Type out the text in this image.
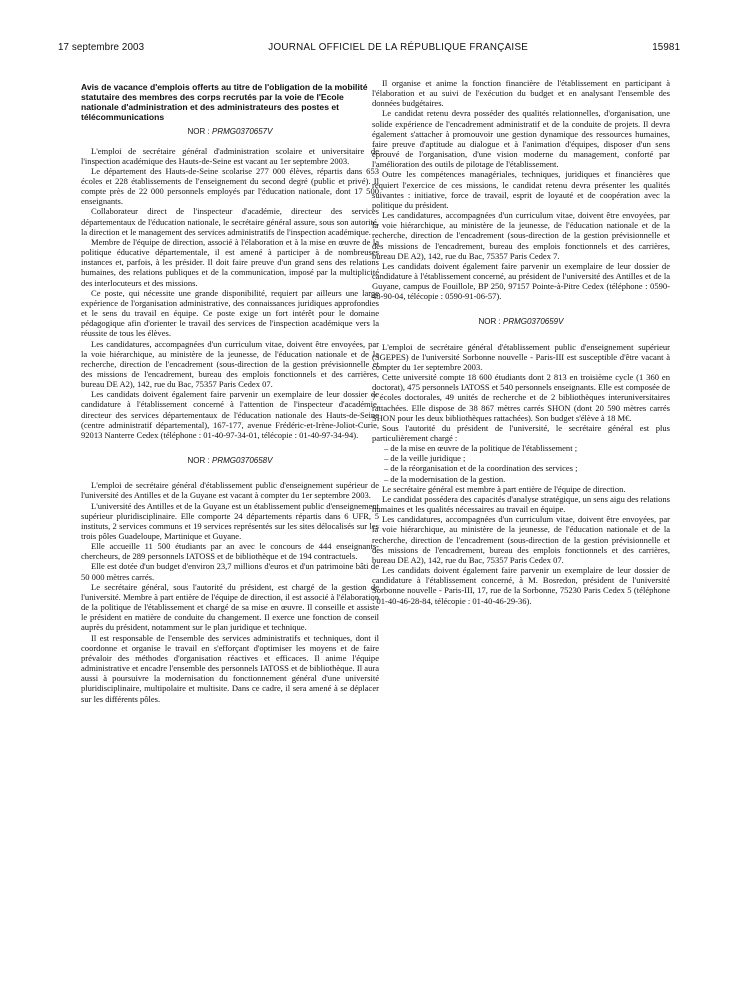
17 septembre 2003	JOURNAL OFFICIEL DE LA RÉPUBLIQUE FRANÇAISE	15981
Avis de vacance d'emplois offerts au titre de l'obligation de la mobilité statutaire des membres des corps recrutés par la voie de l'Ecole nationale d'administration et des administrateurs des postes et télécommunications
NOR : PRMG0370657V

L'emploi de secrétaire général d'administration scolaire et universitaire de l'inspection académique des Hauts-de-Seine est vacant au 1er septembre 2003.

Le département des Hauts-de-Seine scolarise 277 000 élèves, répartis dans 653 écoles et 228 établissements de l'enseignement du second degré (public et privé). Il compte près de 22 000 personnels employés par l'éducation nationale, dont 17 500 enseignants.

Collaborateur direct de l'inspecteur d'académie, directeur des services départementaux de l'éducation nationale, le secrétaire général assure, sous son autorité, la direction et le management des services administratifs de l'inspection académique.

Membre de l'équipe de direction, associé à l'élaboration et à la mise en œuvre de la politique éducative départementale, il est amené à participer à de nombreuses instances et, parfois, à les présider. Il doit faire preuve d'un grand sens des relations humaines, des relations publiques et de la communication, imposé par la multiplicité des interlocuteurs et des missions.

Ce poste, qui nécessite une grande disponibilité, requiert par ailleurs une large expérience de l'organisation administrative, des connaissances juridiques approfondies et le sens du travail en équipe. Ce poste exige un fort intérêt pour le domaine pédagogique afin d'orienter le travail des services de l'inspection académique vers la réussite de tous les élèves.

Les candidatures, accompagnées d'un curriculum vitae, doivent être envoyées, par la voie hiérarchique, au ministère de la jeunesse, de l'éducation nationale et de la recherche, direction de l'encadrement (sous-direction de la gestion prévisionnelle et des missions de l'encadrement, bureau des emplois fonctionnels et des carrières, bureau DE A2), 142, rue du Bac, 75357 Paris Cedex 07.

Les candidats doivent également faire parvenir un exemplaire de leur dossier de candidature à l'établissement concerné à l'attention de l'inspecteur d'académie, directeur des services départementaux de l'éducation nationale des Hauts-de-Seine (centre administratif départemental), 167-177, avenue Frédéric-et-Irène-Joliot-Curie, 92013 Nanterre Cedex (téléphone : 01-40-97-34-01, télécopie : 01-40-97-34-94).

NOR : PRMG0370658V

L'emploi de secrétaire général d'établissement public d'enseignement supérieur de l'université des Antilles et de la Guyane est vacant à compter du 1er septembre 2003.

L'université des Antilles et de la Guyane est un établissement public d'enseignement supérieur pluridisciplinaire. Elle comporte 24 départements répartis dans 6 UFR, 5 instituts, 2 services communs et 19 services représentés sur les sites délocalisés sur les trois pôles Guadeloupe, Martinique et Guyane.

Elle accueille 11 500 étudiants par an avec le concours de 444 enseignants-chercheurs, de 289 personnels IATOSS et de bibliothèque et de 194 contractuels.

Elle est dotée d'un budget d'environ 23,7 millions d'euros et d'un patrimoine bâti de 50 000 mètres carrés.

Le secrétaire général, sous l'autorité du président, est chargé de la gestion de l'université. Membre à part entière de l'équipe de direction, il est associé à l'élaboration de la politique de l'établissement et chargé de sa mise en œuvre. Il conseille et assiste le président en matière de conduite du changement. Il exerce une fonction de conseil auprès du président, notamment sur le plan juridique et technique.

Il est responsable de l'ensemble des services administratifs et techniques, dont il coordonne et organise le travail en s'efforçant d'optimiser les moyens et de faire prévaloir des méthodes d'organisation réactives et efficaces. Il anime l'équipe administrative et encadre l'ensemble des personnels IATOSS et de bibliothèque. Il aura aussi à poursuivre la modernisation du fonctionnement général d'une université pluridisciplinaire, multipolaire et multisite. Dans ce cadre, il sera amené à se déplacer sur les différents pôles.

Il organise et anime la fonction financière de l'établissement en participant à l'élaboration et au suivi de l'exécution du budget et en analysant l'ensemble des données budgétaires.

Le candidat retenu devra posséder des qualités relationnelles, d'organisation, une solide expérience de l'encadrement administratif et de la conduite de projets. Il devra également s'attacher à promouvoir une gestion dynamique des ressources humaines, faire preuve d'aptitude au dialogue et à l'animation d'équipes, disposer d'un sens éprouvé de l'organisation, d'une vision moderne du management, conforté par l'amélioration des outils de pilotage de l'établissement.

Outre les compétences managériales, techniques, juridiques et financières que requiert l'exercice de ces missions, le candidat retenu devra présenter les qualités suivantes : initiative, force de travail, esprit de loyauté et de coopération avec la politique du président.

Les candidatures, accompagnées d'un curriculum vitae, doivent être envoyées, par la voie hiérarchique, au ministère de la jeunesse, de l'éducation nationale et de la recherche, direction de l'encadrement (sous-direction de la gestion prévisionnelle et des missions de l'encadrement, bureau des emplois fonctionnels et des carrières, bureau DE A2), 142, rue du Bac, 75357 Paris Cedex 7.

Les candidats doivent également faire parvenir un exemplaire de leur dossier de candidature à l'établissement concerné, au président de l'université des Antilles et de la Guyane, campus de Fouillole, BP 250, 97157 Pointe-à-Pitre Cedex (téléphone : 0590-48-90-04, télécopie : 0590-91-06-57).

NOR : PRMG0370659V

L'emploi de secrétaire général d'établissement public d'enseignement supérieur (SGEPES) de l'université Sorbonne nouvelle - Paris-III est susceptible d'être vacant à compter du 1er septembre 2003.

Cette université compte 18 600 étudiants dont 2 813 en troisième cycle (1 360 en doctorat), 475 personnels IATOSS et 540 personnels enseignants. Elle est composée de 7 écoles doctorales, 49 unités de recherche et de 2 bibliothèques interuniversitaires rattachées. Elle dispose de 38 867 mètres carrés SHON (dont 20 590 mètres carrés SHON pour les deux bibliothèques rattachées). Son budget s'élève à 18 M€.

Sous l'autorité du président de l'université, le secrétaire général est plus particulièrement chargé :

– de la mise en œuvre de la politique de l'établissement ;
– de la veille juridique ;
– de la réorganisation et de la coordination des services ;
– de la modernisation de la gestion.

Le secrétaire général est membre à part entière de l'équipe de direction.

Le candidat possédera des capacités d'analyse stratégique, un sens aigu des relations humaines et les qualités nécessaires au travail en équipe.

Les candidatures, accompagnées d'un curriculum vitae, doivent être envoyées, par la voie hiérarchique, au ministère de la jeunesse, de l'éducation nationale et de la recherche, direction de l'encadrement (sous-direction de la gestion prévisionnelle et des missions de l'encadrement, bureau des emplois fonctionnels et des carrières, bureau DE A2), 142, rue du Bac, 75357 Paris Cedex 07.

Les candidats doivent également faire parvenir un exemplaire de leur dossier de candidature à l'établissement concerné, à M. Bosredon, président de l'université Sorbonne nouvelle - Paris-III, 17, rue de la Sorbonne, 75230 Paris Cedex 5 (téléphone : 01-40-46-28-84, télécopie : 01-40-46-29-36).
